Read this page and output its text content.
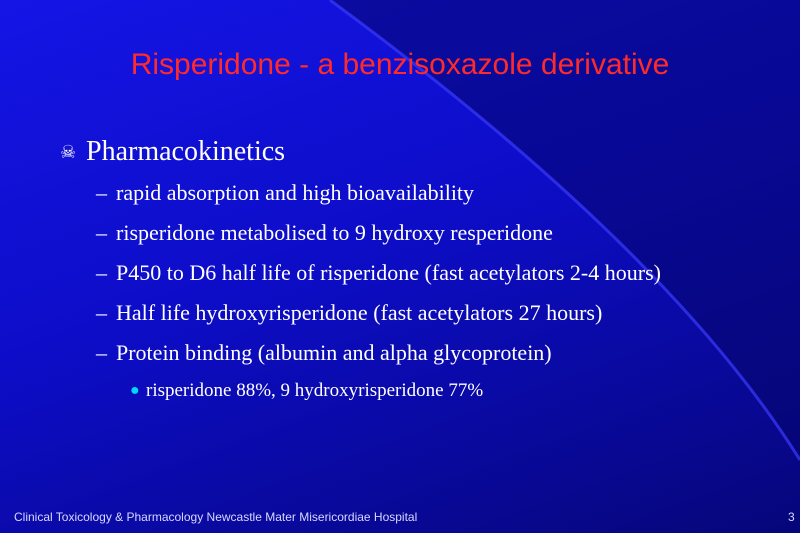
Risperidone - a benzisoxazole derivative
☠ Pharmacokinetics
– rapid absorption and high bioavailability
– risperidone metabolised to 9 hydroxy resperidone
– P450 to D6 half life of risperidone (fast acetylators 2-4 hours)
– Half life hydroxyrisperidone (fast acetylators 27 hours)
– Protein binding (albumin and alpha glycoprotein)
● risperidone 88%, 9 hydroxyrisperidone 77%
Clinical Toxicology & Pharmacology Newcastle Mater Misericordiae Hospital	3
